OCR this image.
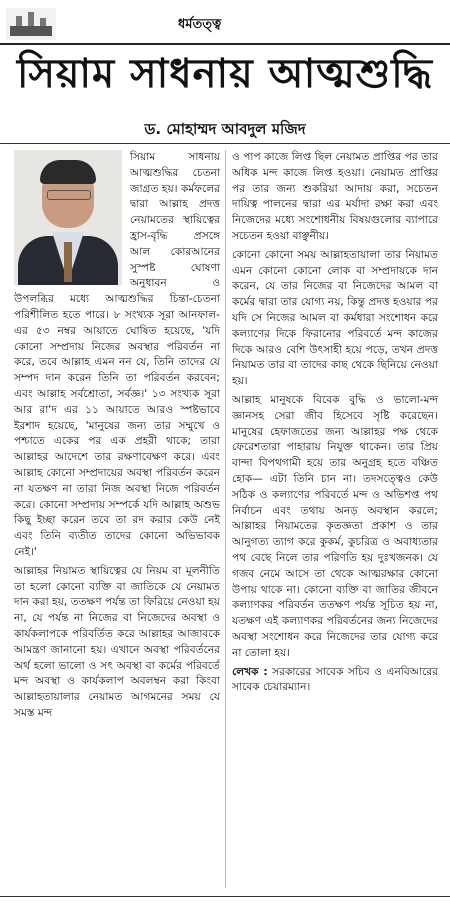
ধর্মতত্ত্ব
সিয়াম সাধনায় আত্মশুদ্ধি
ড. মোহাম্মদ আবদুল মজিদ

সিয়াম সাধনায় আত্মশুদ্ধির চেতনা জাগ্রত হয়। কর্মফলের দ্বারা আল্লাহ প্রদত্ত নেয়ামতের স্থায়িত্বের হ্রাস-বৃদ্ধি প্রসঙ্গে আল কোরআনের সুস্পষ্ট ঘোষণা অনুধাবন ও উপলব্ধির মধ্যে আত্মশুদ্ধির চিন্তা-চেতনা পরিশীলিত হতে পারে। ৮ সংখ্যক সূরা আনফাল-এর ৫৩ নম্বর আয়াতে ঘোষিত হয়েছে, 'যদি কোনো সম্প্রদায় নিজের অবস্থার পরিবর্তন না করে, তবে আল্লাহ এমন নন যে, তিনি তাদের যে সম্পদ দান করেন তিনি তা পরিবর্তন করবেন; এবং আল্লাহ সর্বশ্রোতা, সর্বজ্ঞ।' ১৩ সংখ্যক সূরা আর রা'দ এর ১১ আয়াতে আরও স্পষ্টভাবে ইরশাদ হয়েছে, 'মানুষের জন্য তার সম্মুখে ও পশ্চাতে একের পর এক প্রহরী থাকে; তারা আল্লাহর আদেশে তার রক্ষণাবেক্ষণ করে। এবং আল্লাহ কোনো সম্প্রদায়ের অবস্থা পরিবর্তন করেন না যতক্ষণ না তারা নিজ অবস্থা নিজে পরিবর্তন করে। কোনো সম্প্রদায় সম্পর্কে যদি আল্লাহ অশুভ কিছু ইচ্ছা করেন তবে তা রদ করার কেউ নেই এবং তিনি ব্যতীত তাদের কোনো অভিভাবক নেই।'

আল্লাহর নিয়ামত স্থায়িত্বের যে নিয়ম বা মূলনীতি তা হলো কোনো ব্যক্তি বা জাতিকে যে নেয়ামত দান করা হয়, ততক্ষণ পর্যন্ত তা ফিরিয়ে নেওয়া হয় না, যে পর্যন্ত না নিজের বা নিজেদের অবস্থা ও কার্যকলাপকে পরিবর্তিত করে আল্লাহর আজাবকে আমন্ত্রণ জানানো হয়। এখানে অবস্থা পরিবর্তনের অর্থ হলো ভালো ও সৎ অবস্থা বা কর্মের পরিবর্তে মন্দ অবস্থা ও কার্যকলাপ অবলম্বন করা কিংবা আল্লাহতায়ালার নেয়ামত আগমনের সময় যে সমস্ত মন্দ

ও পাপ কাজে লিপ্ত ছিল নেয়ামত প্রাপ্তির পর তার অধিক মন্দ কাজে লিপ্ত হওয়া। নেয়ামত প্রাপ্তির পর তার জন্য শুকরিয়া আদায় করা, সচেতন দায়িত্ব পালনের দ্বারা এর মর্যাদা রক্ষা করা এবং নিজেদের মধ্যে সংশোধনীয় বিষয়গুলোর ব্যাপারে সচেতন হওয়া বাঞ্ছনীয়।

কোনো কোনো সময় আল্লাহতায়ালা তার নিয়ামত এমন কোনো কোনো লোক বা সম্প্রদায়কে দান করেন, যে তার নিজের বা নিজেদের আমল বা কর্মের দ্বারা তার যোগ্য নয়, কিন্তু প্রদত্ত হওয়ার পর যদি সে নিজের আমল বা কর্মধারা সংশোধন করে কল্যাণের দিকে ফিরানোর পরিবর্তে মন্দ কাজের দিকে আরও বেশি উৎসাহী হয়ে পড়ে, তখন প্রদত্ত নিয়ামত তার বা তাদের কাছ থেকে ছিনিয়ে নেওয়া হয়।

আল্লাহ মানুষকে বিবেক বুদ্ধি ও ভালো-মন্দ জ্ঞানসহ সেরা জীব হিসেবে সৃষ্টি করেছেন। মানুষের হেফাজতের জন্য আল্লাহর পক্ষ থেকে ফেরেশতারা পাহারায় নিযুক্ত থাকেন। তার প্রিয় বান্দা বিপথগামী হয়ে তার অনুগ্রহ হতে বঞ্চিত হোক— এটা তিনি চান না। তদসত্ত্বেও কেউ সঠিক ও কল্যাণের পরিবর্তে মন্দ ও অভিশপ্ত পথ নির্বাচন এবং তথায় অনড় অবস্থান করলে; আল্লাহর নিয়ামতের কৃতজ্ঞতা প্রকাশ ও তার আনুগত্য ত্যাগ করে কুকর্ম, কুচরিত্র ও অবাধ্যতার পথ বেছে নিলে তার পরিণতি হয় দুঃখজনক। যে গজব নেমে আসে তা থেকে আত্মরক্ষার কোনো উপায় থাকে না। কোনো ব্যক্তি বা জাতির জীবনে কল্যাণকর পরিবর্তন ততক্ষণ পর্যন্ত সূচিত হয় না, যতক্ষণ এই কল্যাণকর পরিবর্তনের জন্য নিজেদের অবস্থা সংশোধন করে নিজেদের তার যোগ্য করে না তোলা হয়।

লেখক : সরকারের সাবেক সচিব ও এনবিআরের সাবেক চেয়ারম্যান।
